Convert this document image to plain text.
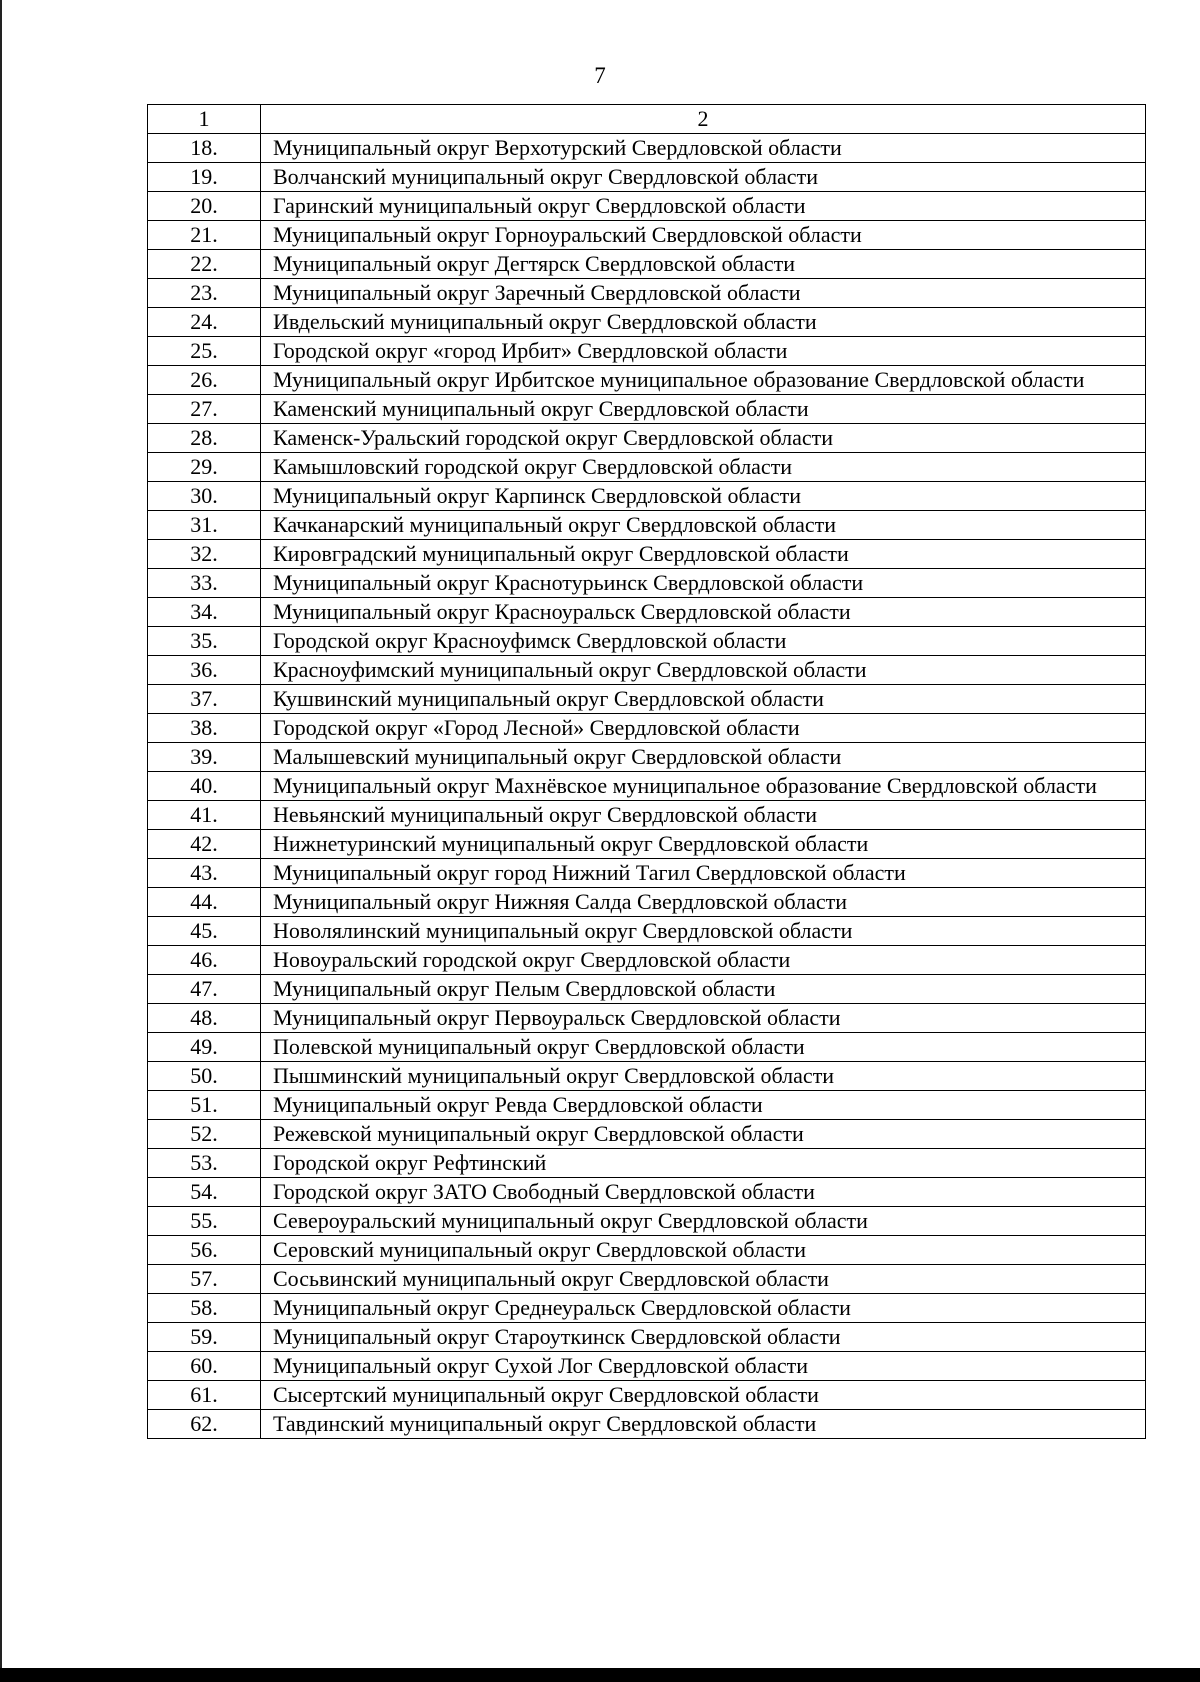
7
1	2
18.	Муниципальный округ Верхотурский Свердловской области
19.	Волчанский муниципальный округ Свердловской области
20.	Гаринский муниципальный округ Свердловской области
21.	Муниципальный округ Горноуральский Свердловской области
22.	Муниципальный округ Дегтярск Свердловской области
23.	Муниципальный округ Заречный Свердловской области
24.	Ивдельский муниципальный округ Свердловской области
25.	Городской округ «город Ирбит» Свердловской области
26.	Муниципальный округ Ирбитское муниципальное образование Свердловской области
27.	Каменский муниципальный округ Свердловской области
28.	Каменск-Уральский городской округ Свердловской области
29.	Камышловский городской округ Свердловской области
30.	Муниципальный округ Карпинск Свердловской области
31.	Качканарский муниципальный округ Свердловской области
32.	Кировградский муниципальный округ Свердловской области
33.	Муниципальный округ Краснотурьинск Свердловской области
34.	Муниципальный округ Красноуральск Свердловской области
35.	Городской округ Красноуфимск Свердловской области
36.	Красноуфимский муниципальный округ Свердловской области
37.	Кушвинский муниципальный округ Свердловской области
38.	Городской округ «Город Лесной» Свердловской области
39.	Малышевский муниципальный округ Свердловской области
40.	Муниципальный округ Махнёвское муниципальное образование Свердловской области
41.	Невьянский муниципальный округ Свердловской области
42.	Нижнетуринский муниципальный округ Свердловской области
43.	Муниципальный округ город Нижний Тагил Свердловской области
44.	Муниципальный округ Нижняя Салда Свердловской области
45.	Новолялинский муниципальный округ Свердловской области
46.	Новоуральский городской округ Свердловской области
47.	Муниципальный округ Пелым Свердловской области
48.	Муниципальный округ Первоуральск Свердловской области
49.	Полевской муниципальный округ Свердловской области
50.	Пышминский муниципальный округ Свердловской области
51.	Муниципальный округ Ревда Свердловской области
52.	Режевской муниципальный округ Свердловской области
53.	Городской округ Рефтинский
54.	Городской округ ЗАТО Свободный Свердловской области
55.	Североуральский муниципальный округ Свердловской области
56.	Серовский муниципальный округ Свердловской области
57.	Сосьвинский муниципальный округ Свердловской области
58.	Муниципальный округ Среднеуральск Свердловской области
59.	Муниципальный округ Староуткинск Свердловской области
60.	Муниципальный округ Сухой Лог Свердловской области
61.	Сысертский муниципальный округ Свердловской области
62.	Тавдинский муниципальный округ Свердловской области
